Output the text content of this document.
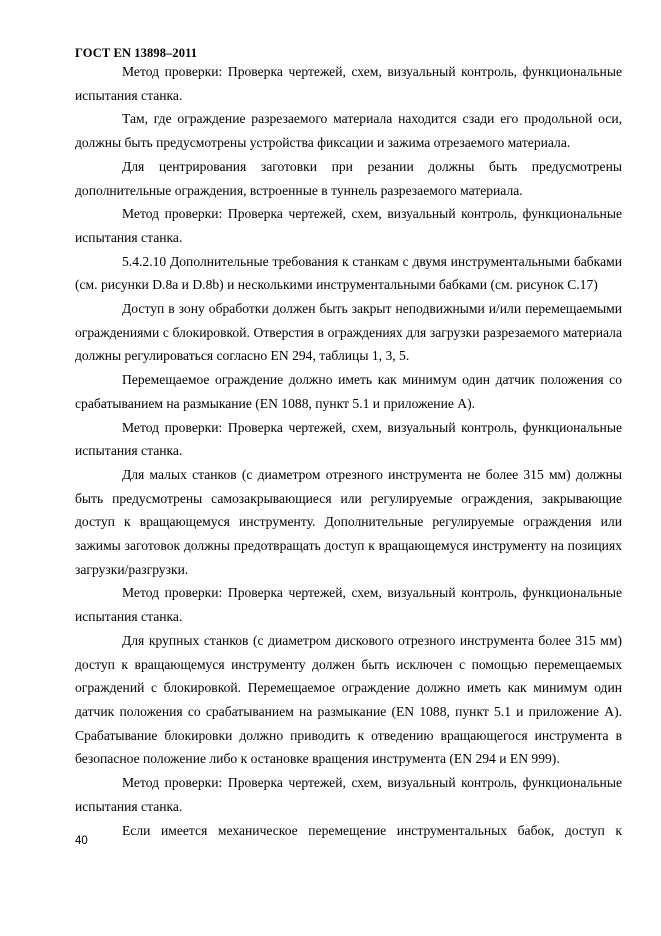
ГОСТ EN 13898–2011

Метод проверки: Проверка чертежей, схем, визуальный контроль, функциональные испытания станка.

Там, где ограждение разрезаемого материала находится сзади его продольной оси, должны быть предусмотрены устройства фиксации и зажима отрезаемого материала.

Для центрирования заготовки при резании должны быть предусмотрены дополнительные ограждения, встроенные в туннель разрезаемого материала.

Метод проверки: Проверка чертежей, схем, визуальный контроль, функциональные испытания станка.

5.4.2.10 Дополнительные требования к станкам с двумя инструментальными бабками (см. рисунки D.8a и D.8b) и несколькими инструментальными бабками (см. рисунок С.17)

Доступ в зону обработки должен быть закрыт неподвижными и/или перемещаемыми ограждениями с блокировкой. Отверстия в ограждениях для загрузки разрезаемого материала должны регулироваться согласно EN 294, таблицы 1, 3, 5.

Перемещаемое ограждение должно иметь как минимум один датчик положения со срабатыванием на размыкание (EN 1088, пункт 5.1 и приложение А).

Метод проверки: Проверка чертежей, схем, визуальный контроль, функциональные испытания станка.

Для малых станков (с диаметром отрезного инструмента не более 315 мм) должны быть предусмотрены самозакрывающиеся или регулируемые ограждения, закрывающие доступ к вращающемуся инструменту. Дополнительные регулируемые ограждения или зажимы заготовок должны предотвращать доступ к вращающемуся инструменту на позициях загрузки/разгрузки.

Метод проверки: Проверка чертежей, схем, визуальный контроль, функциональные испытания станка.

Для крупных станков (с диаметром дискового отрезного инструмента более 315 мм) доступ к вращающемуся инструменту должен быть исключен с помощью перемещаемых ограждений с блокировкой. Перемещаемое ограждение должно иметь как минимум один датчик положения со срабатыванием на размыкание (EN 1088, пункт 5.1 и приложение А). Срабатывание блокировки должно приводить к отведению вращающегося инструмента в безопасное положение либо к остановке вращения инструмента (EN 294 и EN 999).

Метод проверки: Проверка чертежей, схем, визуальный контроль, функциональные испытания станка.

Если имеется механическое перемещение инструментальных бабок, доступ к

40
